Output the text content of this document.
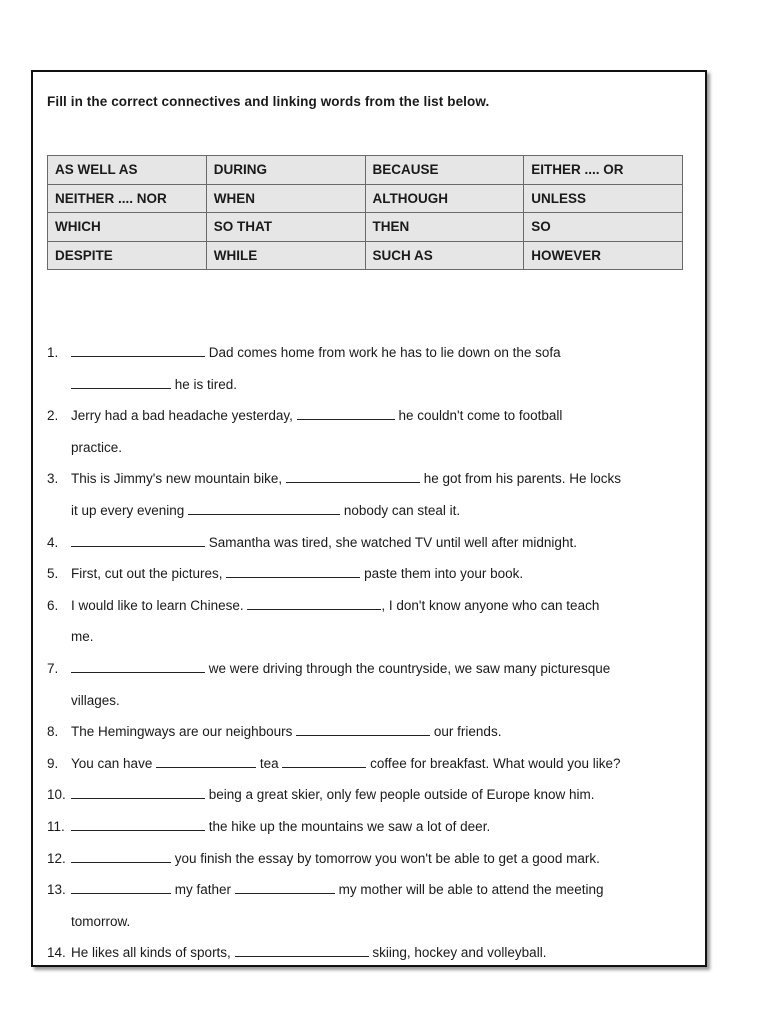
Fill in the correct connectives and linking words from the list below.

AS WELL AS	DURING	BECAUSE	EITHER .... OR
NEITHER .... NOR	WHEN	ALTHOUGH	UNLESS
WHICH	SO THAT	THEN	SO
DESPITE	WHILE	SUCH AS	HOWEVER
1.	Dad comes home from work he has to lie down on the sofa
he is tired.
2. Jerry had a bad headache yesterday,	he couldn't come to football
practice.
3. This is Jimmy's new mountain bike,	he got from his parents. He locks
it up every evening	nobody can steal it.
4.	Samantha was tired, she watched TV until well after midnight.
5. First, cut out the pictures,	paste them into your book.
6. I would like to learn Chinese.	, I don't know anyone who can teach
me.
7.	we were driving through the countryside, we saw many picturesque
villages.
8. The Hemingways are our neighbours	our friends.
9. You can have	tea	coffee for breakfast. What would you like?
10.	being a great skier, only few people outside of Europe know him.
11.	the hike up the mountains we saw a lot of deer.
12.	you finish the essay by tomorrow you won't be able to get a good mark.
13.	my father	my mother will be able to attend the meeting
tomorrow.
14. He likes all kinds of sports,	skiing, hockey and volleyball.
